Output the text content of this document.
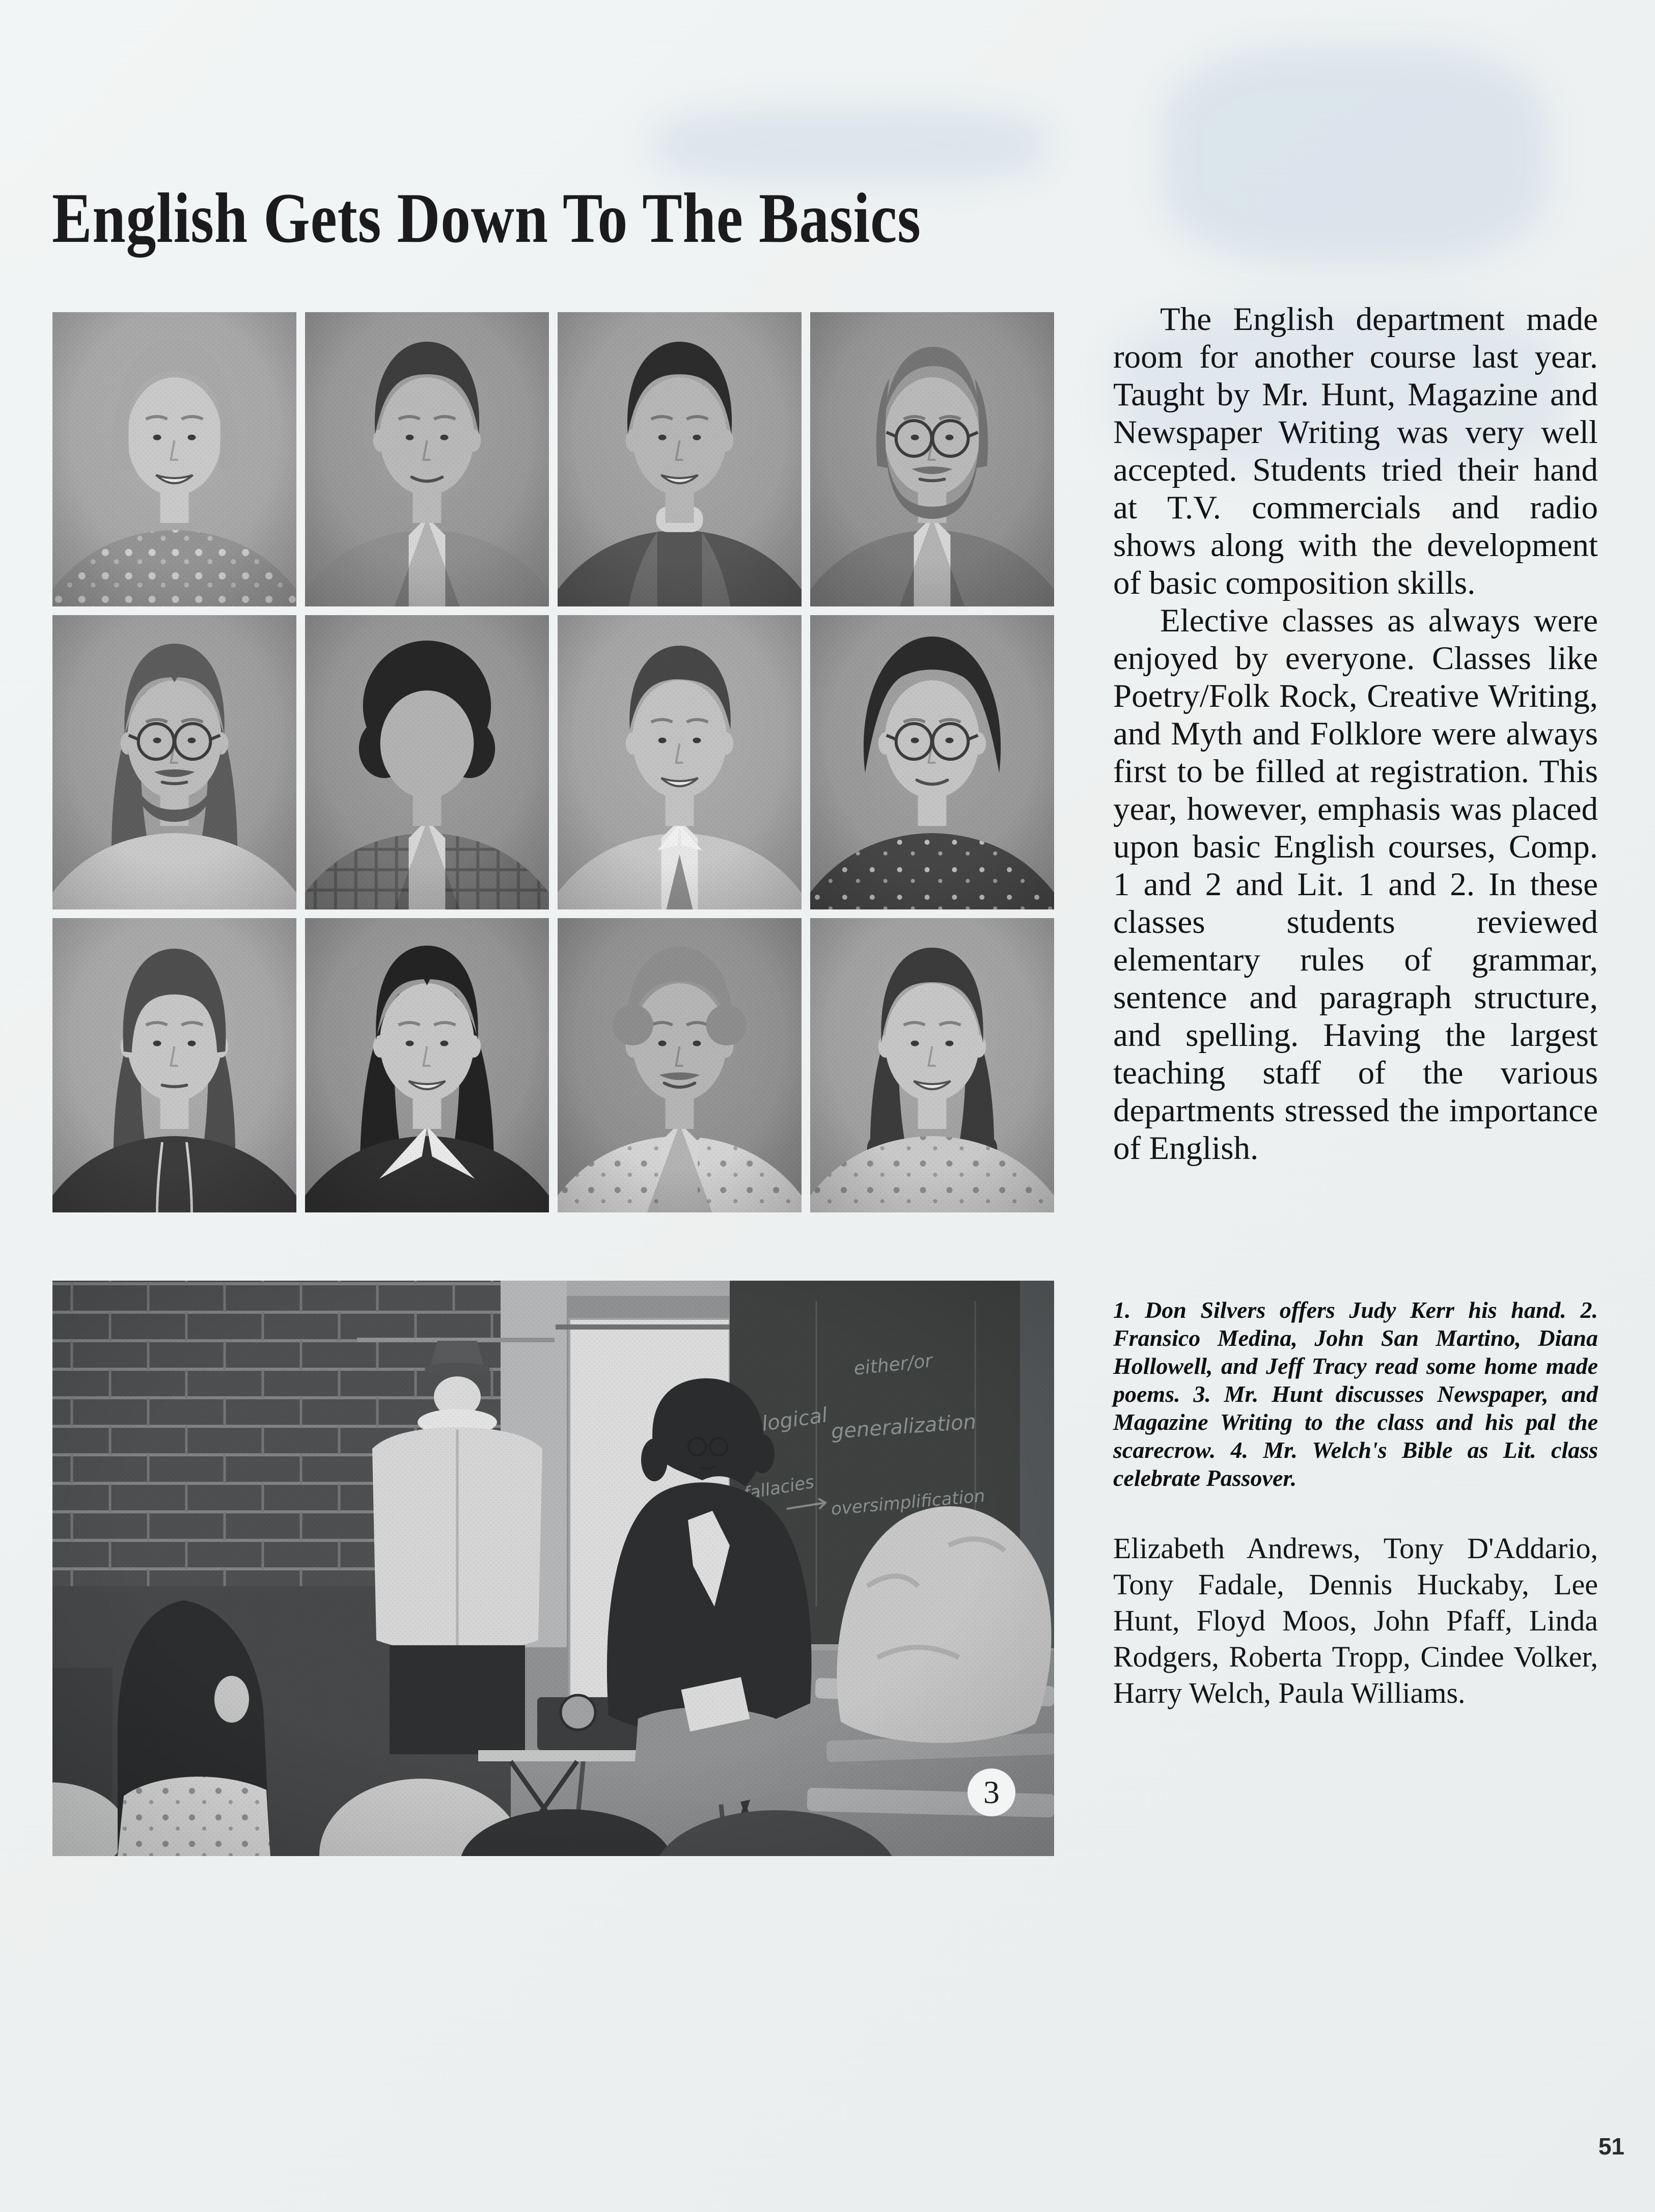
English Gets Down To The Basics
3

The English department made room for another course last year. Taught by Mr. Hunt, Magazine and Newspaper Writing was very well accepted. Students tried their hand at T.V. commercials and radio shows along with the development of basic composition skills.

Elective classes as always were enjoyed by everyone. Classes like Poetry/Folk Rock, Creative Writing, and Myth and Folklore were always first to be filled at registration. This year, however, emphasis was placed upon basic English courses, Comp. 1 and 2 and Lit. 1 and 2. In these classes students reviewed elementary rules of grammar, sentence and paragraph structure, and spelling. Having the largest teaching staff of the various departments stressed the importance of English.

1. Don Silvers offers Judy Kerr his hand. 2. Fransico Medina, John San Martino, Diana Hollowell, and Jeff Tracy read some home made poems. 3. Mr. Hunt discusses Newspaper, and Magazine Writing to the class and his pal the scarecrow. 4. Mr. Welch's Bible as Lit. class celebrate Passover.

Elizabeth Andrews, Tony D'Addario, Tony Fadale, Dennis Huckaby, Lee Hunt, Floyd Moos, John Pfaff, Linda Rodgers, Roberta Tropp, Cindee Volker, Harry Welch, Paula Williams.

51
